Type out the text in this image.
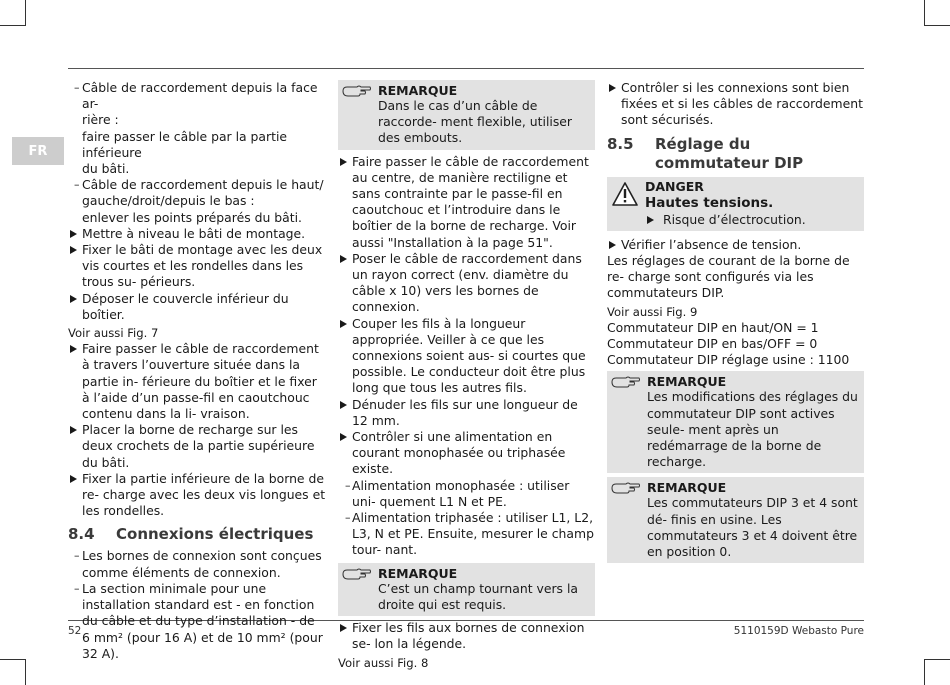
FR
– Câble de raccordement depuis la face ar-
rière :
faire passer le câble par la partie inférieure
du bâti.
– Câble de raccordement depuis le haut/
gauche/droit/depuis le bas :
enlever les points préparés du bâti.

Mettre à niveau le bâti de montage.

Fixer le bâti de montage avec les deux vis courtes et les rondelles dans les trous su- périeurs.

Déposer le couvercle inférieur du boîtier.

Voir aussi Fig. 7

Faire passer le câble de raccordement à travers l’ouverture située dans la partie in- férieure du boîtier et le fixer à l’aide d’un passe-fil en caoutchouc contenu dans la li- vraison.

Placer la borne de recharge sur les deux crochets de la partie supérieure du bâti.

Fixer la partie inférieure de la borne de re- charge avec les deux vis longues et les rondelles.

8.4	Connexions électriques

– Les bornes de connexion sont conçues comme éléments de connexion.

– La section minimale pour une installation standard est - en fonction du câble et du type d’installation - de 6 mm² (pour 16 A) et de 10 mm² (pour 32 A).

REMARQUE
Dans le cas d’un câble de raccorde- ment flexible, utiliser des embouts.

Faire passer le câble de raccordement au centre, de manière rectiligne et sans contrainte par le passe-fil en caoutchouc et l’introduire dans le boîtier de la borne de recharge. Voir aussi "Installation à la page 51".

Poser le câble de raccordement dans un rayon correct (env. diamètre du câble x 10) vers les bornes de connexion.

Couper les fils à la longueur appropriée. Veiller à ce que les connexions soient aus- si courtes que possible. Le conducteur doit être plus long que tous les autres fils.

Dénuder les fils sur une longueur de 12 mm.

Contrôler si une alimentation en courant monophasée ou triphasée existe.

– Alimentation monophasée : utiliser uni- quement L1 N et PE.

– Alimentation triphasée : utiliser L1, L2, L3, N et PE. Ensuite, mesurer le champ tour- nant.

REMARQUE
C’est un champ tournant vers la droite qui est requis.

Fixer les fils aux bornes de connexion se- lon la légende.

Voir aussi Fig. 8

Contrôler si les connexions sont bien fixées et si les câbles de raccordement sont sécurisés.

8.5	Réglage du commutateur DIP
DANGER
Hautes tensions.

Risque d’électrocution.

Vérifier l’absence de tension.

Les réglages de courant de la borne de re- charge sont configurés via les commutateurs DIP.

Voir aussi Fig. 9

Commutateur DIP en haut/ON = 1

Commutateur DIP en bas/OFF = 0

Commutateur DIP réglage usine : 1100

REMARQUE
Les modifications des réglages du commutateur DIP sont actives seule- ment après un redémarrage de la borne de recharge.
REMARQUE
Les commutateurs DIP 3 et 4 sont dé- finis en usine. Les commutateurs 3 et 4 doivent être en position 0.
52	5110159D Webasto Pure
